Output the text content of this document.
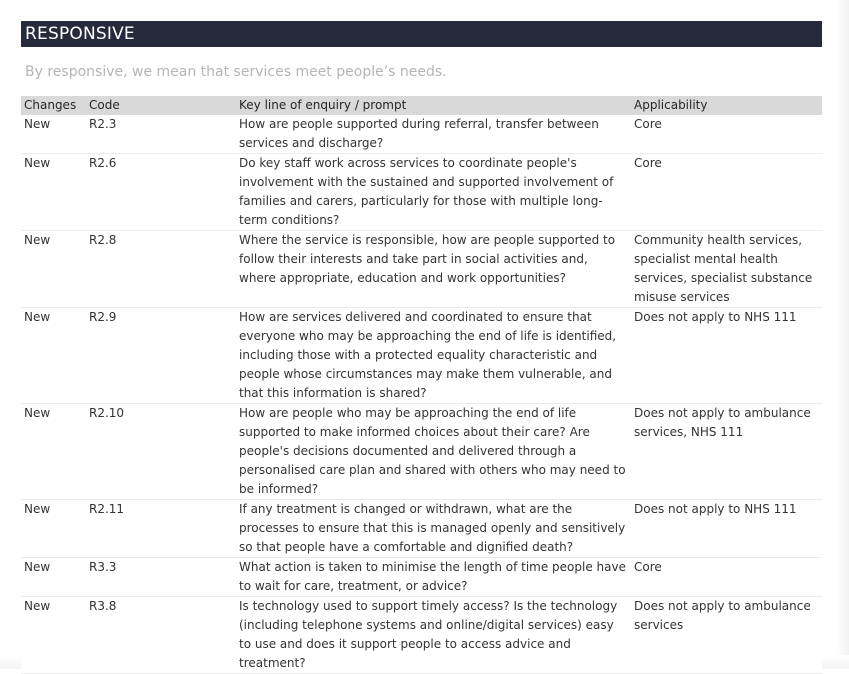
RESPONSIVE
By responsive, we mean that services meet people’s needs.
Changes	Code	Key line of enquiry / prompt	Applicability
New	R2.3	How are people supported during referral, transfer between services and discharge?	Core
New	R2.6	Do key staff work across services to coordinate people's involvement with the sustained and supported involvement of families and carers, particularly for those with multiple long-term conditions?	Core
New	R2.8	Where the service is responsible, how are people supported to follow their interests and take part in social activities and, where appropriate, education and work opportunities?	Community health services, specialist mental health services, specialist substance misuse services
New	R2.9	How are services delivered and coordinated to ensure that everyone who may be approaching the end of life is identified, including those with a protected equality characteristic and people whose circumstances may make them vulnerable, and that this information is shared?	Does not apply to NHS 111
New	R2.10	How are people who may be approaching the end of life supported to make informed choices about their care? Are people's decisions documented and delivered through a personalised care plan and shared with others who may need to be informed?	Does not apply to ambulance services, NHS 111
New	R2.11	If any treatment is changed or withdrawn, what are the processes to ensure that this is managed openly and sensitively so that people have a comfortable and dignified death?	Does not apply to NHS 111
New	R3.3	What action is taken to minimise the length of time people have to wait for care, treatment, or advice?	Core
New	R3.8	Is technology used to support timely access? Is the technology (including telephone systems and online/digital services) easy to use and does it support people to access advice and treatment?	Does not apply to ambulance services
